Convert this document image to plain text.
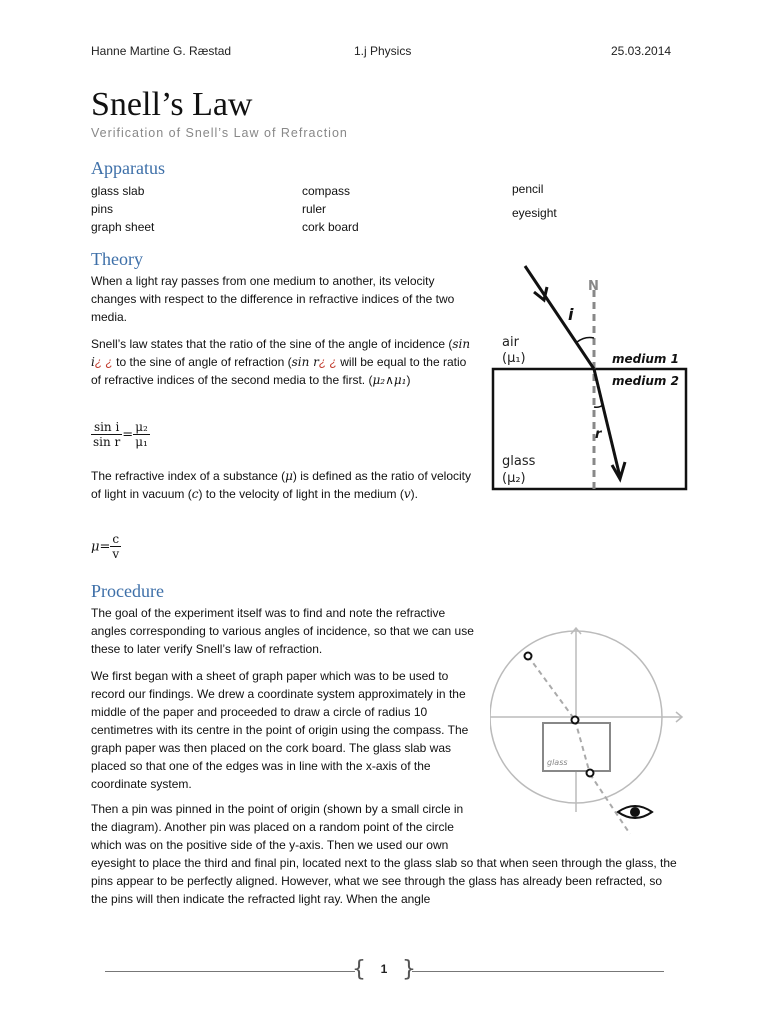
Hanne Martine G. Ræstad	1.j Physics	25.03.2014
Snell’s Law
Verification of Snell’s Law of Refraction
Apparatus
glass slab
pins
graph sheet
compass
ruler
cork board
pencil
eyesight
Theory
When a light ray passes from one medium to another, its velocity changes with respect to the difference in refractive indices of the two media.
Snell’s law states that the ratio of the sine of the angle of incidence (sin i¿ ¿ to the sine of angle of refraction (sin r¿ ¿ will be equal to the ratio of refractive indices of the second media to the first. (μ₂∧μ₁)
$\frac{\text{sin i}}{\text{sin r}} = \frac{\text{μ₂}}{\text{μ₁}}$
The refractive index of a substance (μ) is defined as the ratio of velocity of light in vacuum (c) to the velocity of light in the medium (v).
$\mu= \frac{c}{v}$
N
i
r
air
(μ₁)
glass
(μ₂)
medium 1
medium 2
Procedure
The goal of the experiment itself was to find and note the refractive angles corresponding to various angles of incidence, so that we can use these to later verify Snell’s law of refraction.
We first began with a sheet of graph paper which was to be used to record our findings. We drew a coordinate system approximately in the middle of the paper and proceeded to draw a circle of radius 10 centimetres with its centre in the point of origin using the compass. The graph paper was then placed on the cork board. The glass slab was placed so that one of the edges was in line with the x-axis of the coordinate system.
Then a pin was pinned in the point of origin (shown by a small circle in the diagram). Another pin was placed on a random point of the circle which was on the positive side of the y-axis. Then we used our own eyesight to place the third and final pin, located next to the glass slab so that when seen through the glass, the pins appear to be perfectly aligned. However, what we see through the glass has already been refracted, so the pins will then indicate the refracted light ray. When the angle
glass
{ }
1
